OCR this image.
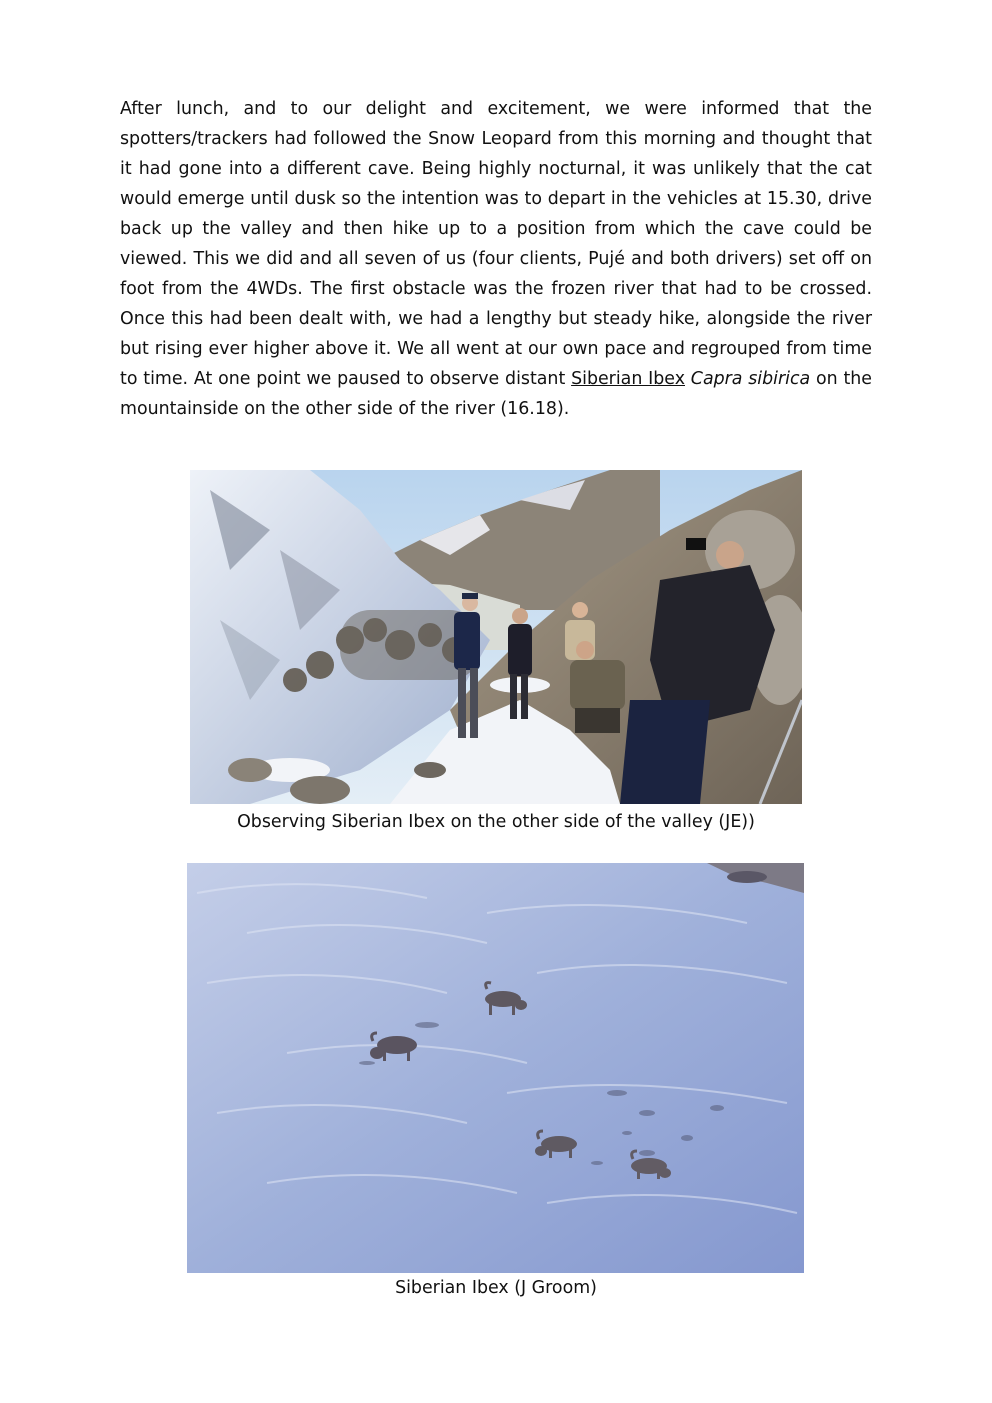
After lunch, and to our delight and excitement, we were informed that the spotters/trackers had followed the Snow Leopard from this morning and thought that it had gone into a different cave. Being highly nocturnal, it was unlikely that the cat would emerge until dusk so the intention was to depart in the vehicles at 15.30, drive back up the valley and then hike up to a position from which the cave could be viewed. This we did and all seven of us (four clients, Pujé and both drivers) set off on foot from the 4WDs. The first obstacle was the frozen river that had to be crossed. Once this had been dealt with, we had a lengthy but steady hike, alongside the river but rising ever higher above it. We all went at our own pace and regrouped from time to time. At one point we paused to observe distant Siberian Ibex Capra sibirica on the mountainside on the other side of the river (16.18).

Observing Siberian Ibex on the other side of the valley (JE))
Siberian Ibex (J Groom)
